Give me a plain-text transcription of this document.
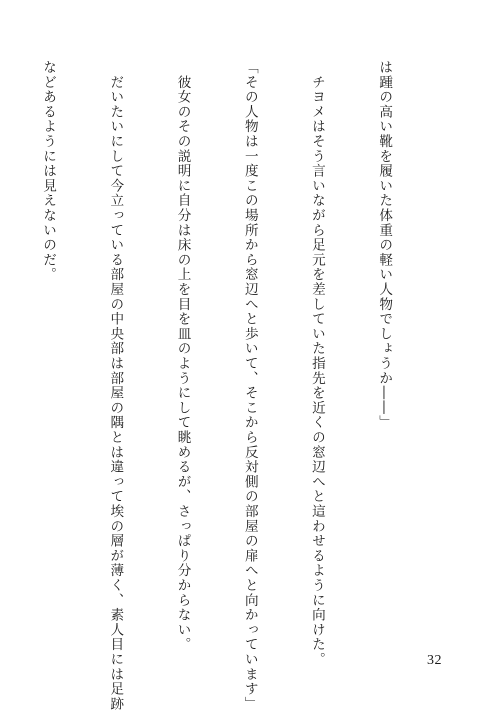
は踵の高い靴を履いた体重の軽い人物でしょうか――」

　チヨメはそう言いながら足元を差していた指先を近くの窓辺へと這わせるように向けた。

「その人物は一度この場所から窓辺へと歩いて、そこから反対側の部屋の扉へと向かっています」

　彼女のその説明に自分は床の上を目を皿のようにして眺めるが、さっぱり分からない。

　だいたいにして今立っている部屋の中央部は部屋の隅とは違って埃の層が薄く、素人目には足跡

などあるようには見えないのだ。

32
